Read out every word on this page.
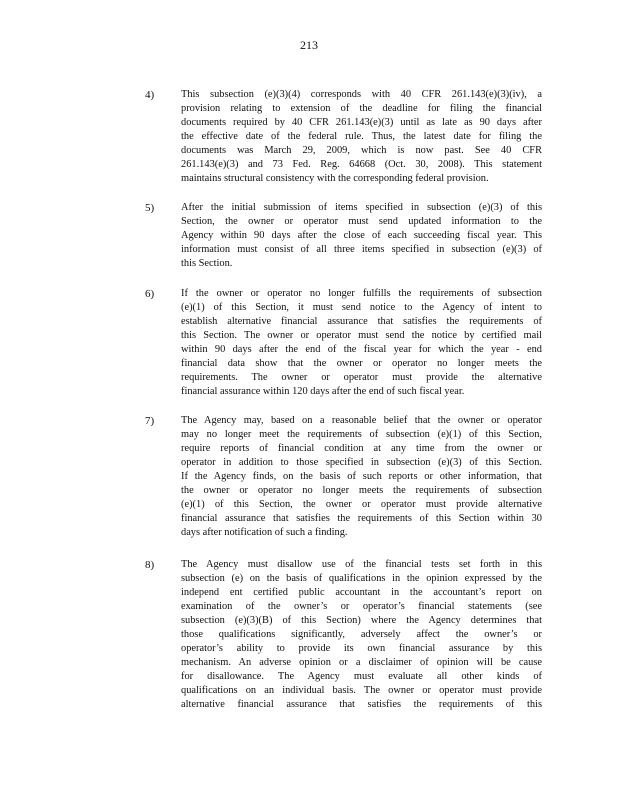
213
4)	This subsection (e)(3)(4) corresponds with 40 CFR 261.143(e)(3)(iv), a
provision relating to extension of the deadline for filing the financial
documents required by 40 CFR 261.143(e)(3) until as late as 90 days after
the effective date of the federal rule. Thus, the latest date for filing the
documents was March 29, 2009, which is now past. See 40 CFR
261.143(e)(3) and 73 Fed. Reg. 64668 (Oct. 30, 2008). This statement
maintains structural consistency with the corresponding federal provision.
5)	After the initial submission of items specified in subsection (e)(3) of this
Section, the owner or operator must send updated information to the
Agency within 90 days after the close of each succeeding fiscal year. This
information must consist of all three items specified in subsection (e)(3) of
this Section.
6)	If the owner or operator no longer fulfills the requirements of subsection
(e)(1) of this Section, it must send notice to the Agency of intent to
establish alternative financial assurance that satisfies the requirements of
this Section. The owner or operator must send the notice by certified mail
within 90 days after the end of the fiscal year for which the year - end
financial data show that the owner or operator no longer meets the
requirements. The owner or operator must provide the alternative
financial assurance within 120 days after the end of such fiscal year.
7)	The Agency may, based on a reasonable belief that the owner or operator
may no longer meet the requirements of subsection (e)(1) of this Section,
require reports of financial condition at any time from the owner or
operator in addition to those specified in subsection (e)(3) of this Section.
If the Agency finds, on the basis of such reports or other information, that
the owner or operator no longer meets the requirements of subsection
(e)(1) of this Section, the owner or operator must provide alternative
financial assurance that satisfies the requirements of this Section within 30
days after notification of such a finding.
8)	The Agency must disallow use of the financial tests set forth in this
subsection (e) on the basis of qualifications in the opinion expressed by the
independ ent certified public accountant in the accountant’s report on
examination of the owner’s or operator’s financial statements (see
subsection (e)(3)(B) of this Section) where the Agency determines that
those qualifications significantly, adversely affect the owner’s or
operator’s ability to provide its own financial assurance by this
mechanism. An adverse opinion or a disclaimer of opinion will be cause
for disallowance. The Agency must evaluate all other kinds of
qualifications on an individual basis. The owner or operator must provide
alternative financial assurance that satisfies the requirements of this
